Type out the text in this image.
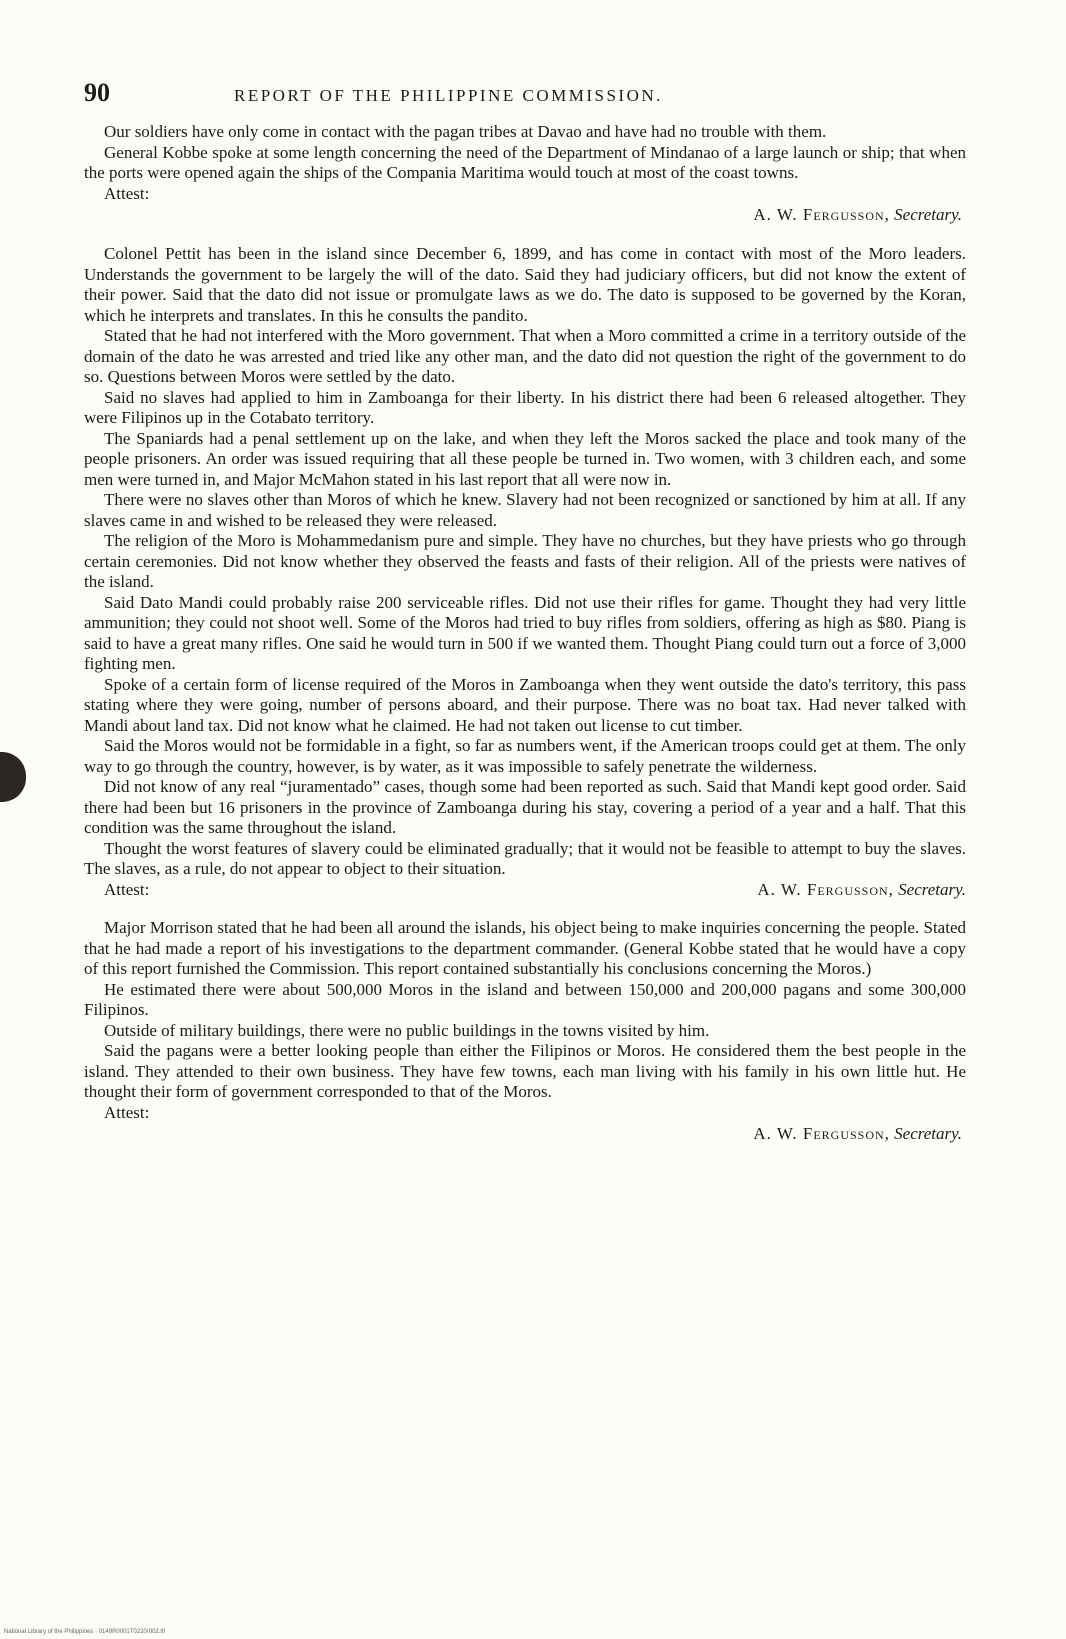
90	REPORT OF THE PHILIPPINE COMMISSION.

Our soldiers have only come in contact with the pagan tribes at Davao and have had no trouble with them.

General Kobbe spoke at some length concerning the need of the Department of Mindanao of a large launch or ship; that when the ports were opened again the ships of the Compania Maritima would touch at most of the coast towns.

Attest:
A. W. Fergusson, Secretary.

Colonel Pettit has been in the island since December 6, 1899, and has come in contact with most of the Moro leaders. Understands the government to be largely the will of the dato. Said they had judiciary officers, but did not know the extent of their power. Said that the dato did not issue or promulgate laws as we do. The dato is supposed to be governed by the Koran, which he interprets and translates. In this he consults the pandito.

Stated that he had not interfered with the Moro government. That when a Moro committed a crime in a territory outside of the domain of the dato he was arrested and tried like any other man, and the dato did not question the right of the government to do so. Questions between Moros were settled by the dato.

Said no slaves had applied to him in Zamboanga for their liberty. In his district there had been 6 released altogether. They were Filipinos up in the Cotabato territory.

The Spaniards had a penal settlement up on the lake, and when they left the Moros sacked the place and took many of the people prisoners. An order was issued requiring that all these people be turned in. Two women, with 3 children each, and some men were turned in, and Major McMahon stated in his last report that all were now in.

There were no slaves other than Moros of which he knew. Slavery had not been recognized or sanctioned by him at all. If any slaves came in and wished to be released they were released.

The religion of the Moro is Mohammedanism pure and simple. They have no churches, but they have priests who go through certain ceremonies. Did not know whether they observed the feasts and fasts of their religion. All of the priests were natives of the island.

Said Dato Mandi could probably raise 200 serviceable rifles. Did not use their rifles for game. Thought they had very little ammunition; they could not shoot well. Some of the Moros had tried to buy rifles from soldiers, offering as high as $80. Piang is said to have a great many rifles. One said he would turn in 500 if we wanted them. Thought Piang could turn out a force of 3,000 fighting men.

Spoke of a certain form of license required of the Moros in Zamboanga when they went outside the dato's territory, this pass stating where they were going, number of persons aboard, and their purpose. There was no boat tax. Had never talked with Mandi about land tax. Did not know what he claimed. He had not taken out license to cut timber.

Said the Moros would not be formidable in a fight, so far as numbers went, if the American troops could get at them. The only way to go through the country, however, is by water, as it was impossible to safely penetrate the wilderness.

Did not know of any real “juramentado” cases, though some had been reported as such. Said that Mandi kept good order. Said there had been but 16 prisoners in the province of Zamboanga during his stay, covering a period of a year and a half. That this condition was the same throughout the island.

Thought the worst features of slavery could be eliminated gradually; that it would not be feasible to attempt to buy the slaves. The slaves, as a rule, do not appear to object to their situation.

Attest:	A. W. Fergusson, Secretary.

Major Morrison stated that he had been all around the islands, his object being to make inquiries concerning the people. Stated that he had made a report of his investigations to the department commander. (General Kobbe stated that he would have a copy of this report furnished the Commission. This report contained substantially his conclusions concerning the Moros.)

He estimated there were about 500,000 Moros in the island and between 150,000 and 200,000 pagans and some 300,000 Filipinos.

Outside of military buildings, there were no public buildings in the towns visited by him.

Said the pagans were a better looking people than either the Filipinos or Moros. He considered them the best people in the island. They attended to their own business. They have few towns, each man living with his family in his own little hut. He thought their form of government corresponded to that of the Moros.

Attest:
A. W. Fergusson, Secretary.
National Library of the Philippines · 0149R0001T0220r002.tif
